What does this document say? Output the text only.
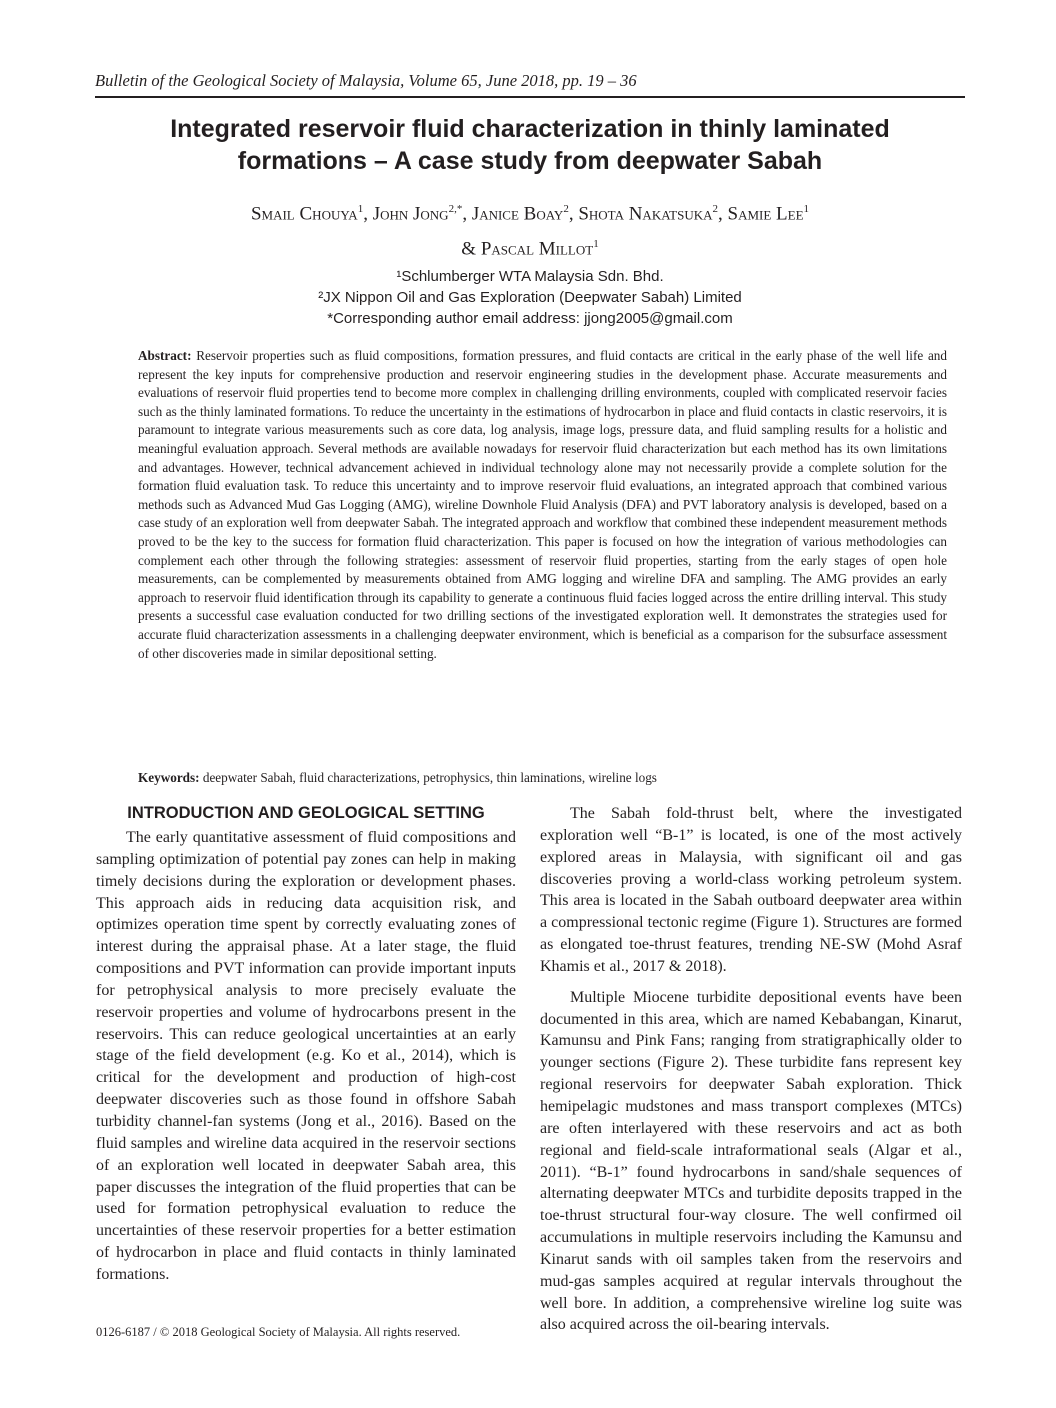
Bulletin of the Geological Society of Malaysia, Volume 65, June 2018, pp. 19 – 36
Integrated reservoir fluid characterization in thinly laminated
formations – A case study from deepwater Sabah
Smail Chouya$^1$, John Jong$^{2,*}$, Janice Boay$^2$, Shota Nakatsuka$^2$, Samie Lee$^1$
& Pascal Millot$^1$
¹Schlumberger WTA Malaysia Sdn. Bhd.
²JX Nippon Oil and Gas Exploration (Deepwater Sabah) Limited
*Corresponding author email address: jjong2005@gmail.com
Abstract: Reservoir properties such as fluid compositions, formation pressures, and fluid contacts are critical in the early phase of the well life and represent the key inputs for comprehensive production and reservoir engineering studies in the development phase. Accurate measurements and evaluations of reservoir fluid properties tend to become more complex in challenging drilling environments, coupled with complicated reservoir facies such as the thinly laminated formations. To reduce the uncertainty in the estimations of hydrocarbon in place and fluid contacts in clastic reservoirs, it is paramount to integrate various measurements such as core data, log analysis, image logs, pressure data, and fluid sampling results for a holistic and meaningful evaluation approach. Several methods are available nowadays for reservoir fluid characterization but each method has its own limitations and advantages. However, technical advancement achieved in individual technology alone may not necessarily provide a complete solution for the formation fluid evaluation task. To reduce this uncertainty and to improve reservoir fluid evaluations, an integrated approach that combined various methods such as Advanced Mud Gas Logging (AMG), wireline Downhole Fluid Analysis (DFA) and PVT laboratory analysis is developed, based on a case study of an exploration well from deepwater Sabah. The integrated approach and workflow that combined these independent measurement methods proved to be the key to the success for formation fluid characterization. This paper is focused on how the integration of various methodologies can complement each other through the following strategies: assessment of reservoir fluid properties, starting from the early stages of open hole measurements, can be complemented by measurements obtained from AMG logging and wireline DFA and sampling. The AMG provides an early approach to reservoir fluid identification through its capability to generate a continuous fluid facies logged across the entire drilling interval. This study presents a successful case evaluation conducted for two drilling sections of the investigated exploration well. It demonstrates the strategies used for accurate fluid characterization assessments in a challenging deepwater environment, which is beneficial as a comparison for the subsurface assessment of other discoveries made in similar depositional setting.
Keywords: deepwater Sabah, fluid characterizations, petrophysics, thin laminations, wireline logs
INTRODUCTION AND GEOLOGICAL SETTING

The early quantitative assessment of fluid compositions and sampling optimization of potential pay zones can help in making timely decisions during the exploration or development phases. This approach aids in reducing data acquisition risk, and optimizes operation time spent by correctly evaluating zones of interest during the appraisal phase. At a later stage, the fluid compositions and PVT information can provide important inputs for petrophysical analysis to more precisely evaluate the reservoir properties and volume of hydrocarbons present in the reservoirs. This can reduce geological uncertainties at an early stage of the field development (e.g. Ko et al., 2014), which is critical for the development and production of high-cost deepwater discoveries such as those found in offshore Sabah turbidity channel-fan systems (Jong et al., 2016). Based on the fluid samples and wireline data acquired in the reservoir sections of an exploration well located in deepwater Sabah area, this paper discusses the integration of the fluid properties that can be used for formation petrophysical evaluation to reduce the uncertainties of these reservoir properties for a better estimation of hydrocarbon in place and fluid contacts in thinly laminated formations.

The Sabah fold-thrust belt, where the investigated exploration well “B-1” is located, is one of the most actively explored areas in Malaysia, with significant oil and gas discoveries proving a world-class working petroleum system. This area is located in the Sabah outboard deepwater area within a compressional tectonic regime (Figure 1). Structures are formed as elongated toe-thrust features, trending NE-SW (Mohd Asraf Khamis et al., 2017 & 2018).

Multiple Miocene turbidite depositional events have been documented in this area, which are named Kebabangan, Kinarut, Kamunsu and Pink Fans; ranging from stratigraphically older to younger sections (Figure 2). These turbidite fans represent key regional reservoirs for deepwater Sabah exploration. Thick hemipelagic mudstones and mass transport complexes (MTCs) are often interlayered with these reservoirs and act as both regional and field-scale intraformational seals (Algar et al., 2011). “B-1” found hydrocarbons in sand/shale sequences of alternating deepwater MTCs and turbidite deposits trapped in the toe-thrust structural four-way closure. The well confirmed oil accumulations in multiple reservoirs including the Kamunsu and Kinarut sands with oil samples taken from the reservoirs and mud-gas samples acquired at regular intervals throughout the well bore. In addition, a comprehensive wireline log suite was also acquired across the oil-bearing intervals.

0126-6187 / © 2018 Geological Society of Malaysia. All rights reserved.
